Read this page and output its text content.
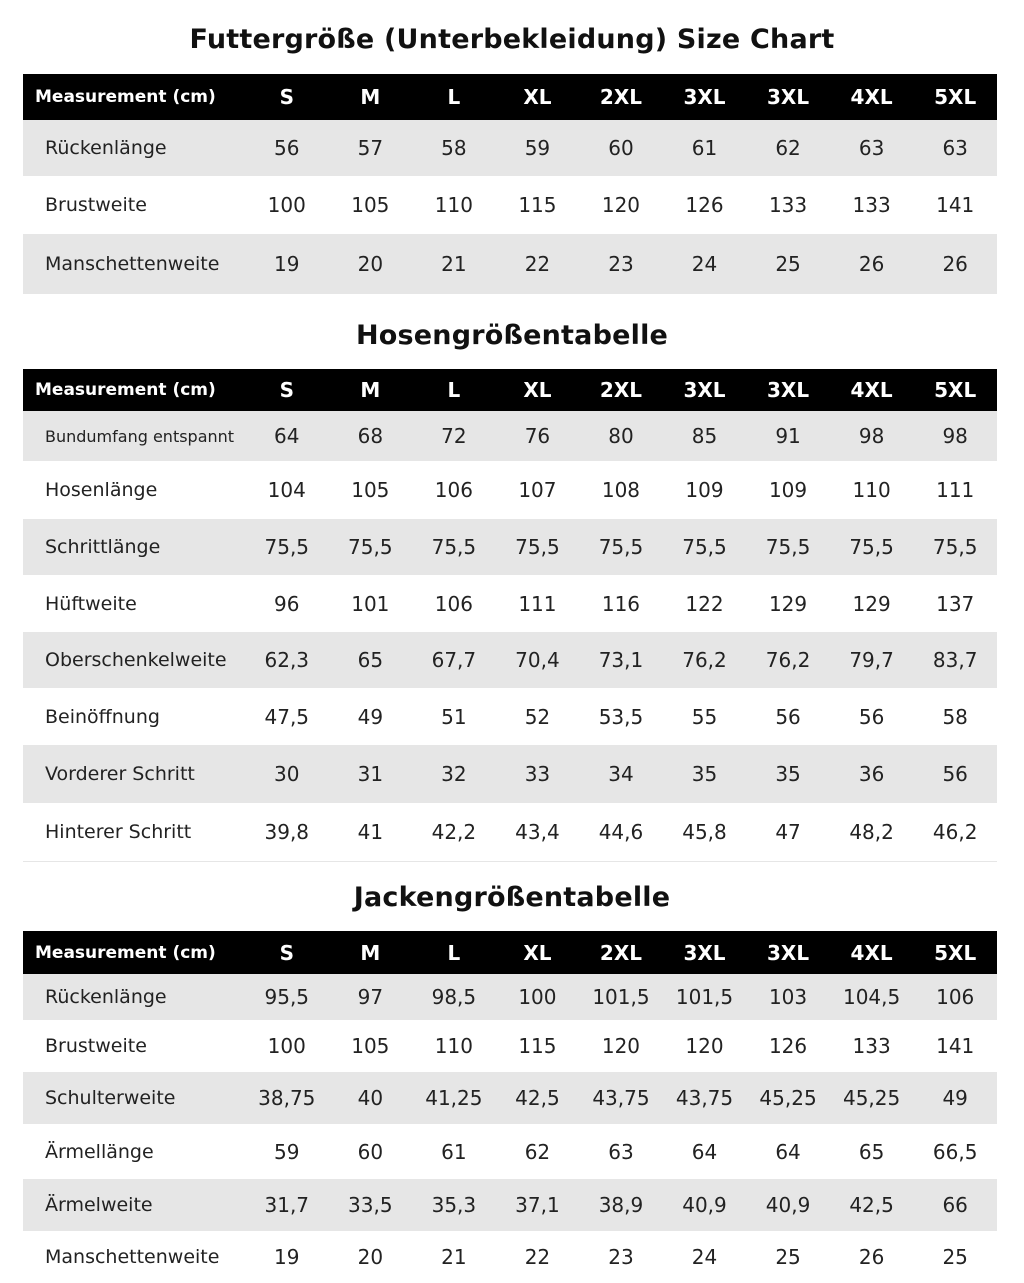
Futtergröße (Unterbekleidung) Size Chart
Measurement (cm)	S	M	L	XL	2XL	3XL	3XL	4XL	5XL
Rückenlänge	56	57	58	59	60	61	62	63	63
Brustweite	100	105	110	115	120	126	133	133	141
Manschettenweite	19	20	21	22	23	24	25	26	26
Hosengrößentabelle
Measurement (cm)	S	M	L	XL	2XL	3XL	3XL	4XL	5XL
Bundumfang entspannt	64	68	72	76	80	85	91	98	98
Hosenlänge	104	105	106	107	108	109	109	110	111
Schrittlänge	75,5	75,5	75,5	75,5	75,5	75,5	75,5	75,5	75,5
Hüftweite	96	101	106	111	116	122	129	129	137
Oberschenkelweite	62,3	65	67,7	70,4	73,1	76,2	76,2	79,7	83,7
Beinöffnung	47,5	49	51	52	53,5	55	56	56	58
Vorderer Schritt	30	31	32	33	34	35	35	36	56
Hinterer Schritt	39,8	41	42,2	43,4	44,6	45,8	47	48,2	46,2
Jackengrößentabelle
Measurement (cm)	S	M	L	XL	2XL	3XL	3XL	4XL	5XL
Rückenlänge	95,5	97	98,5	100	101,5	101,5	103	104,5	106
Brustweite	100	105	110	115	120	120	126	133	141
Schulterweite	38,75	40	41,25	42,5	43,75	43,75	45,25	45,25	49
Ärmellänge	59	60	61	62	63	64	64	65	66,5
Ärmelweite	31,7	33,5	35,3	37,1	38,9	40,9	40,9	42,5	66
Manschettenweite	19	20	21	22	23	24	25	26	25
